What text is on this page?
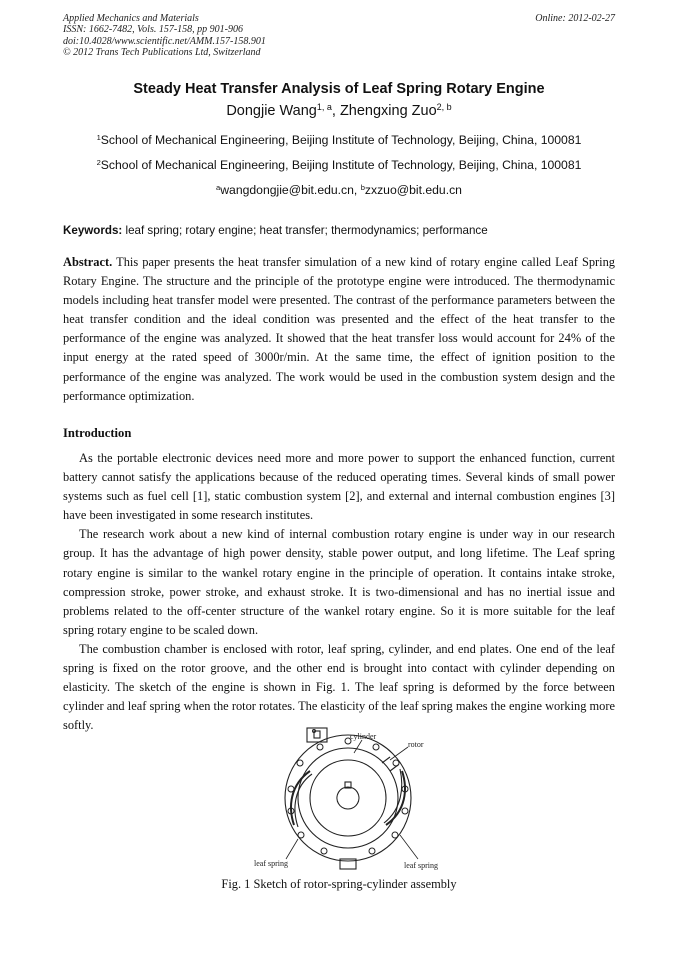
Applied Mechanics and Materials
ISSN: 1662-7482, Vols. 157-158, pp 901-906
doi:10.4028/www.scientific.net/AMM.157-158.901
© 2012 Trans Tech Publications Ltd, Switzerland
Online: 2012-02-27
Steady Heat Transfer Analysis of Leaf Spring Rotary Engine
Dongjie Wang$^{1, a}$, Zhengxing Zuo$^{2, b}$
$^1$School of Mechanical Engineering, Beijing Institute of Technology, Beijing, China, 100081
$^2$School of Mechanical Engineering, Beijing Institute of Technology, Beijing, China, 100081
$^a$wangdongjie@bit.edu.cn, $^b$zxzuo@bit.edu.cn
Keywords: leaf spring; rotary engine; heat transfer; thermodynamics; performance

Abstract. This paper presents the heat transfer simulation of a new kind of rotary engine called Leaf Spring Rotary Engine. The structure and the principle of the prototype engine were introduced. The thermodynamic models including heat transfer model were presented. The contrast of the performance parameters between the heat transfer condition and the ideal condition was presented and the effect of the heat transfer to the performance of the engine was analyzed. It showed that the heat transfer loss would account for 24% of the input energy at the rated speed of 3000r/min. At the same time, the effect of ignition position to the performance of the engine was analyzed. The work would be used in the combustion system design and the performance optimization.

Introduction

As the portable electronic devices need more and more power to support the enhanced function, current battery cannot satisfy the applications because of the reduced operating times. Several kinds of small power systems such as fuel cell [1], static combustion system [2], and external and internal combustion engines [3] have been investigated in some research institutes.

The research work about a new kind of internal combustion rotary engine is under way in our research group. It has the advantage of high power density, stable power output, and long lifetime. The Leaf spring rotary engine is similar to the wankel rotary engine in the principle of operation. It contains intake stroke, compression stroke, power stroke, and exhaust stroke. It is two-dimensional and has no inertial issue and problems related to the off-center structure of the wankel rotary engine. So it is more suitable for the leaf spring rotary engine to be scaled down.

The combustion chamber is enclosed with rotor, leaf spring, cylinder, and end plates. One end of the leaf spring is fixed on the rotor groove, and the other end is brought into contact with cylinder depending on elasticity. The sketch of the engine is shown in Fig. 1. The leaf spring is deformed by the force between cylinder and leaf spring when the rotor rotates. The elasticity of the leaf spring makes the engine working more softly.

cylinder
rotor
leaf spring	leaf spring
Fig. 1 Sketch of rotor-spring-cylinder assembly
